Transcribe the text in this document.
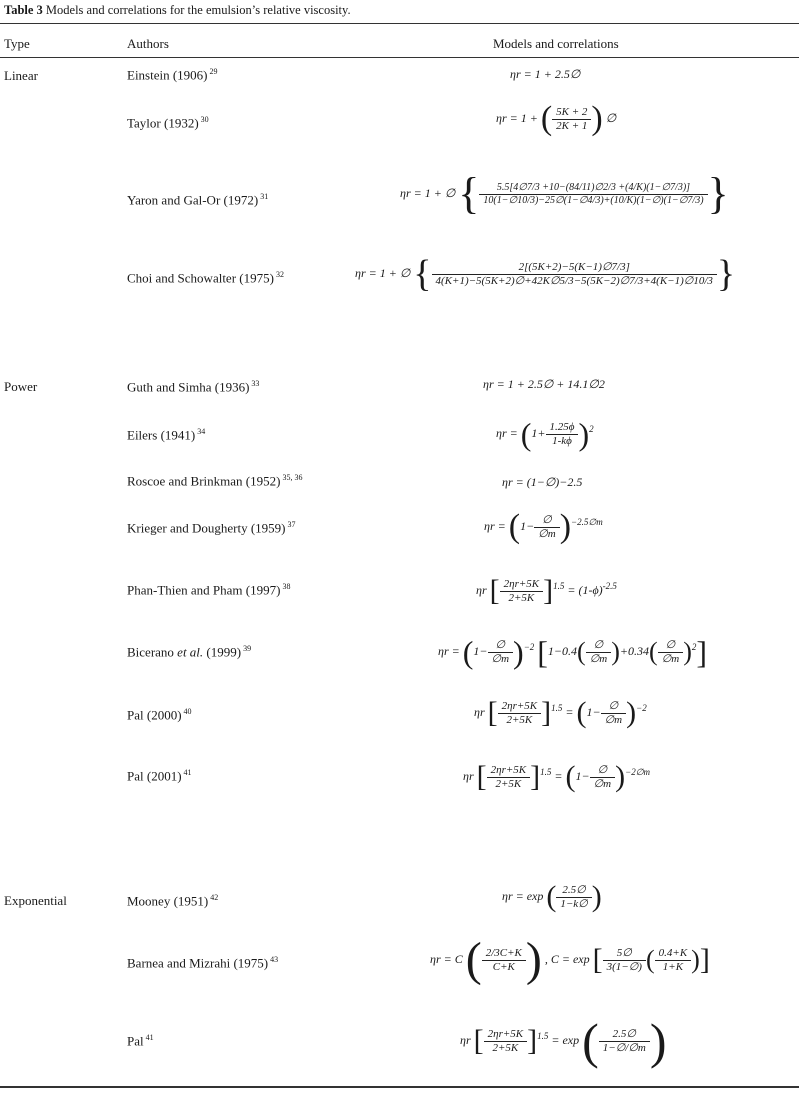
Table 3 Models and correlations for the emulsion’s relative viscosity.
Type	Authors	Models and correlations
Linear
Power
Exponential
Einstein (1906) $^{29}$
Taylor (1932) $^{30}$
Yaron and Gal-Or (1972) $^{31}$
Choi and Schowalter (1975) $^{32}$
Guth and Simha (1936) $^{33}$
Eilers (1941) $^{34}$
Roscoe and Brinkman (1952) $^{35, 36}$
Krieger and Dougherty (1959) $^{37}$
Phan-Thien and Pham (1997) $^{38}$
Bicerano et al. (1999) $^{39}$
Pal (2000) $^{40}$
Pal (2001) $^{41}$
Mooney (1951) $^{42}$
Barnea and Mizrahi (1975) $^{43}$
Pal $^{41}$
ηr = 1 + 2.5∅
ηr = 1 + ( $\frac{5K + 2}{2K + 1}$ ) ∅
ηr = 1 + ∅ { $\frac{5.5[4\emptyset 7/3 +10-(84/11)\emptyset 2/3 +(4/K)(1-\emptyset 7/3)]}{10(1-\emptyset 10/3)-25\emptyset(1-\emptyset 4/3)+(10/K)(1-\emptyset)(1-\emptyset 7/3)}$ }
ηr = 1 + ∅ { $\frac{2[(5K+2)-5(K-1)\emptyset 7/3]}{4(K+1)-5(5K+2)\emptyset+42K\emptyset 5/3-5(5K-2)\emptyset 7/3+4(K-1)\emptyset 10/3}$ }
ηr = 1 + 2.5∅ + 14.1∅2
$\eta r = (1+ \frac{1.25\phi}{1-k\phi} )^2$
ηr = (1−∅)−2.5
$\eta r = (1- \frac{\emptyset}{\emptyset m} )^{-2.5\emptyset m}$
ηr [ $\frac{2\eta r+5K}{2+5K} ]^{1.5} = (1-\phi)^{-2.5}$
$\eta r = (1- \frac{\emptyset}{\emptyset m} )^{-2}$ $[1-0.4( \frac{\emptyset}{\emptyset m} )+0.34( \frac{\emptyset}{\emptyset m} )^2]$
ηr [ $\frac{2\eta r+5K}{2+5K} ]^{1.5} = (1- \frac{\emptyset}{\emptyset m} )^{-2}$
ηr [ $\frac{2\eta r+5K}{2+5K} ]^{1.5} = (1- \frac{\emptyset}{\emptyset m} )^{-2\emptyset m}$
ηr = exp ( $\frac{2.5\emptyset}{1-k\emptyset}$ )
ηr = C ( $\frac{2/3C+K}{C+K}$ ) , C = exp [ $\frac{5\emptyset}{3(1-\emptyset)}$ ( $\frac{0.4+K}{1+K}$ )]
ηr [ $\frac{2\eta r+5K}{2+5K} ]^{1.5} = \exp$ ( $\frac{2.5\emptyset}{1-\emptyset/\emptyset m}$ )
